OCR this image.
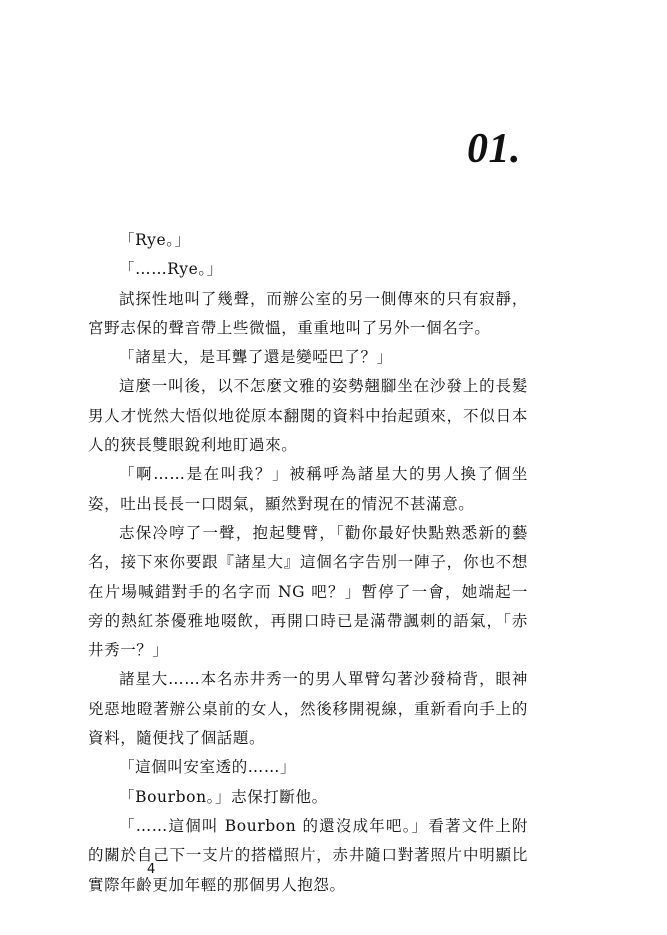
01.

「Rye。」

「……Rye。」

試探性地叫了幾聲，而辦公室的另一側傳來的只有寂靜，宮野志保的聲音帶上些微慍，重重地叫了另外一個名字。

「諸星大，是耳聾了還是變啞巴了？」

這麼一叫後，以不怎麼文雅的姿勢翹腳坐在沙發上的長髮男人才恍然大悟似地從原本翻閱的資料中抬起頭來，不似日本人的狹長雙眼銳利地盯過來。

「啊……是在叫我？」被稱呼為諸星大的男人換了個坐姿，吐出長長一口悶氣，顯然對現在的情況不甚滿意。

志保冷哼了一聲，抱起雙臂，「勸你最好快點熟悉新的藝名，接下來你要跟『諸星大』這個名字告別一陣子，你也不想在片場喊錯對手的名字而 NG 吧？」暫停了一會，她端起一旁的熱紅茶優雅地啜飲，再開口時已是滿帶諷刺的語氣，「赤井秀一？」

諸星大……本名赤井秀一的男人單臂勾著沙發椅背，眼神兇惡地瞪著辦公桌前的女人，然後移開視線，重新看向手上的資料，隨便找了個話題。

「這個叫安室透的……」

「Bourbon。」志保打斷他。

「……這個叫 Bourbon 的還沒成年吧。」看著文件上附的關於自己下一支片的搭檔照片，赤井隨口對著照片中明顯比實際年齡更加年輕的那個男人抱怨。

4
